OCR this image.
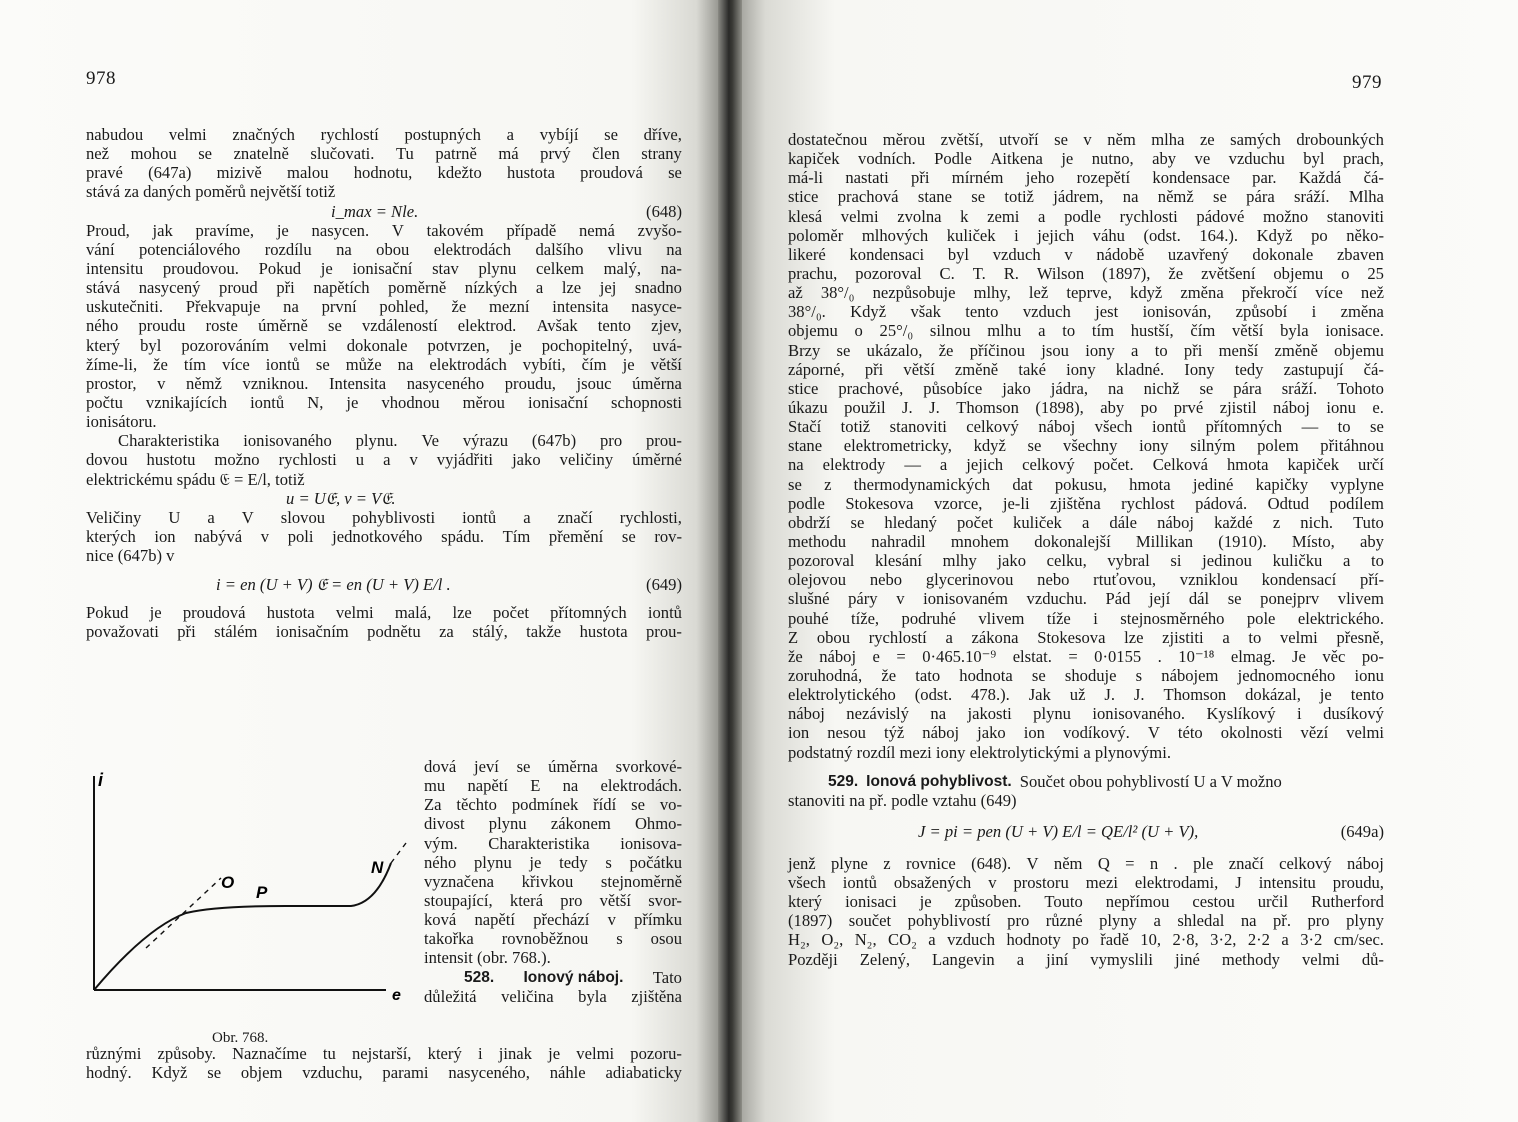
978
nabudou velmi značných rychlostí postupných a vybíjí se dříve,
než mohou se znatelně slučovati. Tu patrně má prvý člen strany
pravé (647a) mizivě malou hodnotu, kdežto hustota proudová se
stává za daných poměrů největší totiž
i_max = Nle.	(648)
Proud, jak pravíme, je nasycen. V takovém případě nemá zvyšo-
vání potenciálového rozdílu na obou elektrodách dalšího vlivu na
intensitu proudovou. Pokud je ionisační stav plynu celkem malý, na-
stává nasycený proud při napětích poměrně nízkých a lze jej snadno
uskutečniti. Překvapuje na první pohled, že mezní intensita nasyce-
ného proudu roste úměrně se vzdáleností elektrod. Avšak tento zjev,
který byl pozorováním velmi dokonale potvrzen, je pochopitelný, uvá-
žíme-li, že tím více iontů se může na elektrodách vybíti, čím je větší
prostor, v němž vzniknou. Intensita nasyceného proudu, jsouc úměrna
počtu vznikajících iontů N, je vhodnou měrou ionisační schopnosti
ionisátoru.
Charakteristika ionisovaného plynu. Ve výrazu (647b) pro prou-
dovou hustotu možno rychlosti u a v vyjádřiti jako veličiny úměrné
elektrickému spádu 𝔈 = E/l, totiž
u = U𝔈, v = V𝔈.
Veličiny U a V slovou pohyblivosti iontů a značí rychlosti,
kterých ion nabývá v poli jednotkového spádu. Tím přemění se rov-
nice (647b) v
i = en (U + V) 𝔈 = en (U + V) E/l .	(649)
Pokud je proudová hustota velmi malá, lze počet přítomných iontů
považovati při stálém ionisačním podnětu za stálý, takže hustota prou-
i
O
P
N
e
Obr. 768.
dová jeví se úměrna svorkové-
mu napětí E na elektrodách.
Za těchto podmínek řídí se vo-
divost plynu zákonem Ohmo-
vým. Charakteristika ionisova-
ného plynu je tedy s počátku
vyznačena křivkou stejnoměrně
stoupající, která pro větší svor-
ková napětí přechází v přímku
takořka rovnoběžnou s osou
intensit (obr. 768.).
528. Ionový náboj. Tato
důležitá veličina byla zjištěna
různými způsoby. Naznačíme tu nejstarší, který i jinak je velmi pozoru-
hodný. Když se objem vzduchu, parami nasyceného, náhle adiabaticky
979
dostatečnou měrou zvětší, utvoří se v něm mlha ze samých drobounkých
kapiček vodních. Podle Aitkena je nutno, aby ve vzduchu byl prach,
má-li nastati při mírném jeho rozepětí kondensace par. Každá čá-
stice prachová stane se totiž jádrem, na němž se pára sráží. Mlha
klesá velmi zvolna k zemi a podle rychlosti pádové možno stanoviti
poloměr mlhových kuliček i jejich váhu (odst. 164.). Když po něko-
likeré kondensaci byl vzduch v nádobě uzavřený dokonale zbaven
prachu, pozoroval C. T. R. Wilson (1897), že zvětšení objemu o 25
až 38°/₀ nezpůsobuje mlhy, lež teprve, když změna překročí více než
38°/₀. Když však tento vzduch jest ionisován, způsobí i změna
objemu o 25°/₀ silnou mlhu a to tím hustší, čím větší byla ionisace.
Brzy se ukázalo, že příčinou jsou iony a to při menší změně objemu
záporné, při větší změně také iony kladné. Iony tedy zastupují čá-
stice prachové, působíce jako jádra, na nichž se pára sráží. Tohoto
úkazu použil J. J. Thomson (1898), aby po prvé zjistil náboj ionu e.
Stačí totiž stanoviti celkový náboj všech iontů přítomných — to se
stane elektrometricky, když se všechny iony silným polem přitáhnou
na elektrody — a jejich celkový počet. Celková hmota kapiček určí
se z thermodynamických dat pokusu, hmota jediné kapičky vyplyne
podle Stokesova vzorce, je-li zjištěna rychlost pádová. Odtud podílem
obdrží se hledaný počet kuliček a dále náboj každé z nich. Tuto
methodu nahradil mnohem dokonalejší Millikan (1910). Místo, aby
pozoroval klesání mlhy jako celku, vybral si jedinou kuličku a to
olejovou nebo glycerinovou nebo rtuťovou, vzniklou kondensací pří-
slušné páry v ionisovaném vzduchu. Pád její dál se ponejprv vlivem
pouhé tíže, podruhé vlivem tíže i stejnosměrného pole elektrického.
Z obou rychlostí a zákona Stokesova lze zjistiti a to velmi přesně,
že náboj e = 0·465.10⁻⁹ elstat. = 0·0155 . 10⁻¹⁸ elmag. Je věc po-
zoruhodná, že tato hodnota se shoduje s nábojem jednomocného ionu
elektrolytického (odst. 478.). Jak už J. J. Thomson dokázal, je tento
náboj nezávislý na jakosti plynu ionisovaného. Kyslíkový i dusíkový
ion nesou týž náboj jako ion vodíkový. V této okolnosti vězí velmi
podstatný rozdíl mezi iony elektrolytickými a plynovými.
529. Ionová pohyblivost. Součet obou pohyblivostí U a V možno
stanoviti na př. podle vztahu (649)
J = pi = pen (U + V) E/l = QE/l² (U + V),	(649a)
jenž plyne z rovnice (648). V něm Q = n . ple značí celkový náboj
všech iontů obsažených v prostoru mezi elektrodami, J intensitu proudu,
který ionisaci je způsoben. Touto nepřímou cestou určil Rutherford
(1897) součet pohyblivostí pro různé plyny a shledal na př. pro plyny
H₂, O₂, N₂, CO₂ a vzduch hodnoty po řadě 10, 2·8, 3·2, 2·2 a 3·2 cm/sec.
Později Zelený, Langevin a jiní vymyslili jiné methody velmi dů-
